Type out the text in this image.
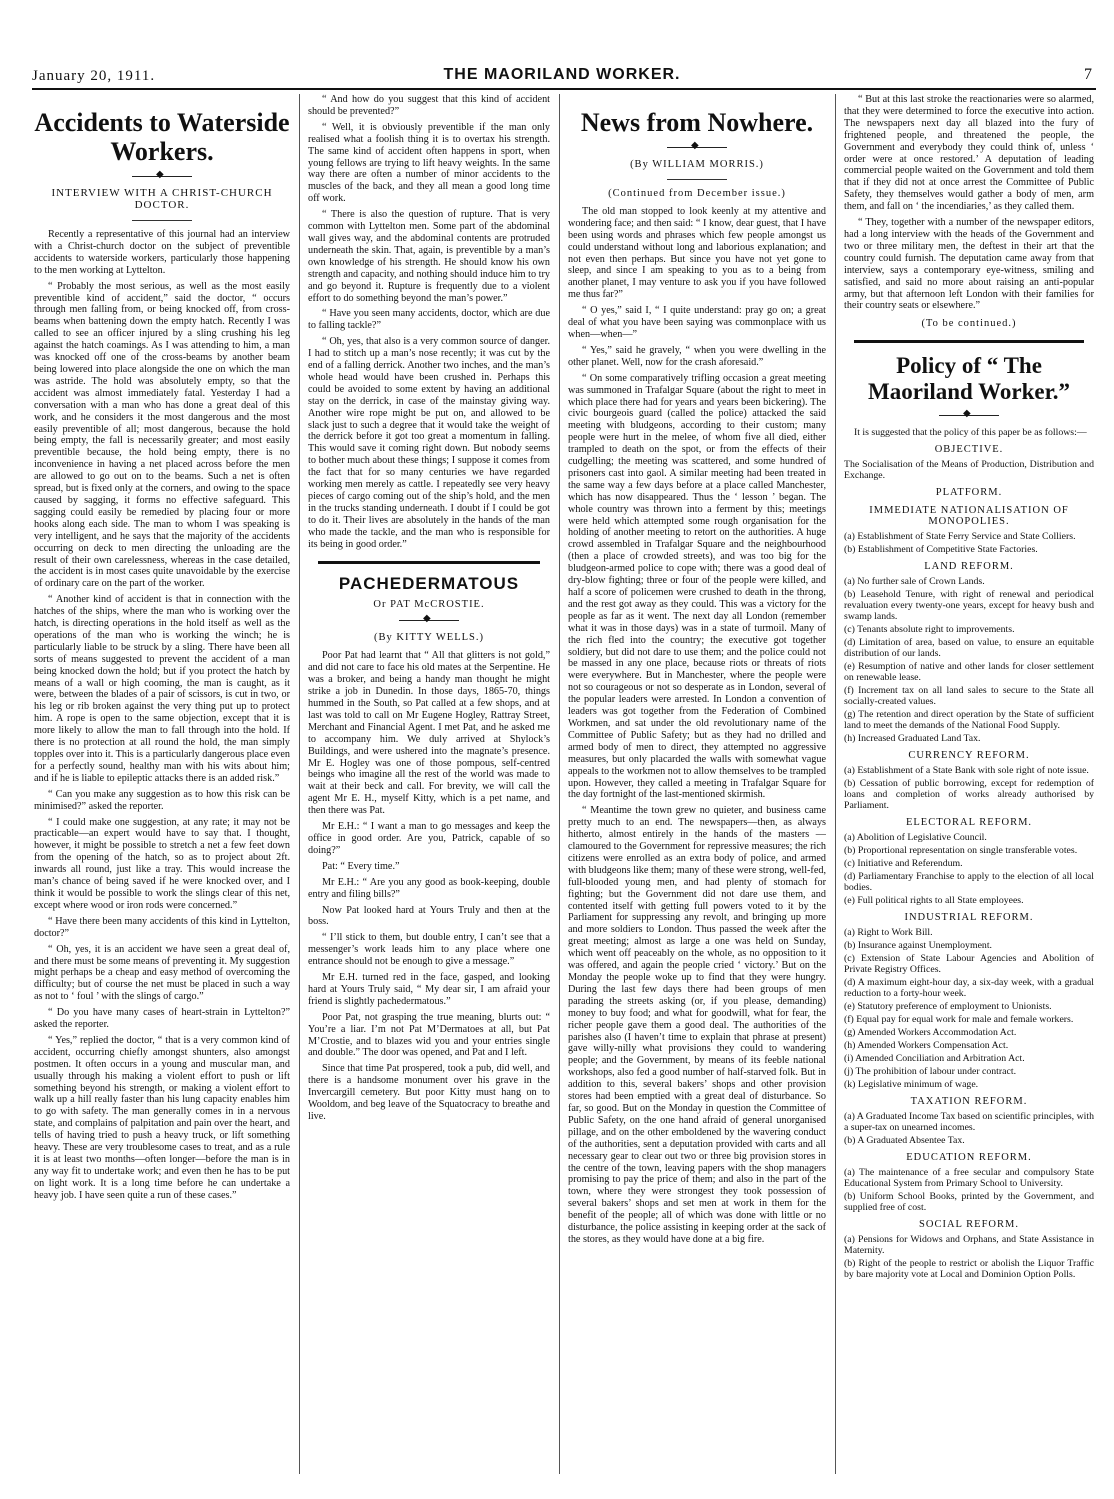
January 20, 1911.	THE MAORILAND WORKER.	7
Accidents to Waterside Workers.
◆
INTERVIEW WITH A CHRIST-CHURCH DOCTOR.

Recently a representative of this journal had an interview with a Christ-church doctor on the subject of preventible accidents to waterside workers, particularly those happening to the men working at Lyttelton.

“ Probably the most serious, as well as the most easily preventible kind of accident,” said the doctor, “ occurs through men falling from, or being knocked off, from cross-beams when battening down the empty hatch. Recently I was called to see an officer injured by a sling crushing his leg against the hatch coamings. As I was attending to him, a man was knocked off one of the cross-beams by another beam being lowered into place alongside the one on which the man was astride. The hold was absolutely empty, so that the accident was almost immediately fatal. Yesterday I had a conversation with a man who has done a great deal of this work, and he considers it the most dangerous and the most easily preventible of all; most dangerous, because the hold being empty, the fall is necessarily greater; and most easily preventible because, the hold being empty, there is no inconvenience in having a net placed across before the men are allowed to go out on to the beams. Such a net is often spread, but is fixed only at the corners, and owing to the space caused by sagging, it forms no effective safeguard. This sagging could easily be remedied by placing four or more hooks along each side. The man to whom I was speaking is very intelligent, and he says that the majority of the accidents occurring on deck to men directing the unloading are the result of their own carelessness, whereas in the case detailed, the accident is in most cases quite unavoidable by the exercise of ordinary care on the part of the worker.

“ Another kind of accident is that in connection with the hatches of the ships, where the man who is working over the hatch, is directing operations in the hold itself as well as the operations of the man who is working the winch; he is particularly liable to be struck by a sling. There have been all sorts of means suggested to prevent the accident of a man being knocked down the hold; but if you protect the hatch by means of a wall or high cooming, the man is caught, as it were, between the blades of a pair of scissors, is cut in two, or his leg or rib broken against the very thing put up to protect him. A rope is open to the same objection, except that it is more likely to allow the man to fall through into the hold. If there is no protection at all round the hold, the man simply topples over into it. This is a particularly dangerous place even for a perfectly sound, healthy man with his wits about him; and if he is liable to epileptic attacks there is an added risk.”

“ Can you make any suggestion as to how this risk can be minimised?” asked the reporter.

“ I could make one suggestion, at any rate; it may not be practicable—an expert would have to say that. I thought, however, it might be possible to stretch a net a few feet down from the opening of the hatch, so as to project about 2ft. inwards all round, just like a tray. This would increase the man’s chance of being saved if he were knocked over, and I think it would be possible to work the slings clear of this net, except where wood or iron rods were concerned.”

“ Have there been many accidents of this kind in Lyttelton, doctor?”

“ Oh, yes, it is an accident we have seen a great deal of, and there must be some means of preventing it. My suggestion might perhaps be a cheap and easy method of overcoming the difficulty; but of course the net must be placed in such a way as not to ‘ foul ’ with the slings of cargo.”

“ Do you have many cases of heart-strain in Lyttelton?” asked the reporter.

“ Yes,” replied the doctor, “ that is a very common kind of accident, occurring chiefly amongst shunters, also amongst postmen. It often occurs in a young and muscular man, and usually through his making a violent effort to push or lift something beyond his strength, or making a violent effort to walk up a hill really faster than his lung capacity enables him to go with safety. The man generally comes in in a nervous state, and complains of palpitation and pain over the heart, and tells of having tried to push a heavy truck, or lift something heavy. These are very troublesome cases to treat, and as a rule it is at least two months—often longer—before the man is in any way fit to undertake work; and even then he has to be put on light work. It is a long time before he can undertake a heavy job. I have seen quite a run of these cases.”

“ And how do you suggest that this kind of accident should be prevented?”

“ Well, it is obviously preventible if the man only realised what a foolish thing it is to overtax his strength. The same kind of accident often happens in sport, when young fellows are trying to lift heavy weights. In the same way there are often a number of minor accidents to the muscles of the back, and they all mean a good long time off work.

“ There is also the question of rupture. That is very common with Lyttelton men. Some part of the abdominal wall gives way, and the abdominal contents are protruded underneath the skin. That, again, is preventible by a man’s own knowledge of his strength. He should know his own strength and capacity, and nothing should induce him to try and go beyond it. Rupture is frequently due to a violent effort to do something beyond the man’s power.”

“ Have you seen many accidents, doctor, which are due to falling tackle?”

“ Oh, yes, that also is a very common source of danger. I had to stitch up a man’s nose recently; it was cut by the end of a falling derrick. Another two inches, and the man’s whole head would have been crushed in. Perhaps this could be avoided to some extent by having an additional stay on the derrick, in case of the mainstay giving way. Another wire rope might be put on, and allowed to be slack just to such a degree that it would take the weight of the derrick before it got too great a momentum in falling. This would save it coming right down. But nobody seems to bother much about these things; I suppose it comes from the fact that for so many centuries we have regarded working men merely as cattle. I repeatedly see very heavy pieces of cargo coming out of the ship’s hold, and the men in the trucks standing underneath. I doubt if I could be got to do it. Their lives are absolutely in the hands of the man who made the tackle, and the man who is responsible for its being in good order.”

PACHEDERMATOUS
Or PAT McCROSTIE.
◆
(By KITTY WELLS.)

Poor Pat had learnt that “ All that glitters is not gold,” and did not care to face his old mates at the Serpentine. He was a broker, and being a handy man thought he might strike a job in Dunedin. In those days, 1865-70, things hummed in the South, so Pat called at a few shops, and at last was told to call on Mr Eugene Hogley, Rattray Street, Merchant and Financial Agent. I met Pat, and he asked me to accompany him. We duly arrived at Shylock’s Buildings, and were ushered into the magnate’s presence. Mr E. Hogley was one of those pompous, self-centred beings who imagine all the rest of the world was made to wait at their beck and call. For brevity, we will call the agent Mr E. H., myself Kitty, which is a pet name, and then there was Pat.

Mr E.H.: “ I want a man to go messages and keep the office in good order. Are you, Patrick, capable of so doing?”

Pat: “ Every time.”

Mr E.H.: “ Are you any good as book-keeping, double entry and filing bills?”

Now Pat looked hard at Yours Truly and then at the boss.

“ I’ll stick to them, but double entry, I can’t see that a messenger’s work leads him to any place where one entrance should not be enough to give a message.”

Mr E.H. turned red in the face, gasped, and looking hard at Yours Truly said, “ My dear sir, I am afraid your friend is slightly pachedermatous.”

Poor Pat, not grasping the true meaning, blurts out: “ You’re a liar. I’m not Pat M’Dermatoes at all, but Pat M’Crostie, and to blazes wid you and your entries single and double.” The door was opened, and Pat and I left.

Since that time Pat prospered, took a pub, did well, and there is a handsome monument over his grave in the Invercargill cemetery. But poor Kitty must hang on to Wooldom, and beg leave of the Squatocracy to breathe and live.

News from Nowhere.
◆
(By WILLIAM MORRIS.)
(Continued from December issue.)

The old man stopped to look keenly at my attentive and wondering face; and then said: “ I know, dear guest, that I have been using words and phrases which few people amongst us could understand without long and laborious explanation; and not even then perhaps. But since you have not yet gone to sleep, and since I am speaking to you as to a being from another planet, I may venture to ask you if you have followed me thus far?”

“ O yes,” said I, “ I quite understand: pray go on; a great deal of what you have been saying was commonplace with us when—when—”

“ Yes,” said he gravely, “ when you were dwelling in the other planet. Well, now for the crash aforesaid.”

“ On some comparatively trifling occasion a great meeting was summoned in Trafalgar Square (about the right to meet in which place there had for years and years been bickering). The civic bourgeois guard (called the police) attacked the said meeting with bludgeons, according to their custom; many people were hurt in the melee, of whom five all died, either trampled to death on the spot, or from the effects of their cudgelling; the meeting was scattered, and some hundred of prisoners cast into gaol. A similar meeting had been treated in the same way a few days before at a place called Manchester, which has now disappeared. Thus the ‘ lesson ’ began. The whole country was thrown into a ferment by this; meetings were held which attempted some rough organisation for the holding of another meeting to retort on the authorities. A huge crowd assembled in Trafalgar Square and the neighbourhood (then a place of crowded streets), and was too big for the bludgeon-armed police to cope with; there was a good deal of dry-blow fighting; three or four of the people were killed, and half a score of policemen were crushed to death in the throng, and the rest got away as they could. This was a victory for the people as far as it went. The next day all London (remember what it was in those days) was in a state of turmoil. Many of the rich fled into the country; the executive got together soldiery, but did not dare to use them; and the police could not be massed in any one place, because riots or threats of riots were everywhere. But in Manchester, where the people were not so courageous or not so desperate as in London, several of the popular leaders were arrested. In London a convention of leaders was got together from the Federation of Combined Workmen, and sat under the old revolutionary name of the Committee of Public Safety; but as they had no drilled and armed body of men to direct, they attempted no aggressive measures, but only placarded the walls with somewhat vague appeals to the workmen not to allow themselves to be trampled upon. However, they called a meeting in Trafalgar Square for the day fortnight of the last-mentioned skirmish.

“ Meantime the town grew no quieter, and business came pretty much to an end. The newspapers—then, as always hitherto, almost entirely in the hands of the masters — clamoured to the Government for repressive measures; the rich citizens were enrolled as an extra body of police, and armed with bludgeons like them; many of these were strong, well-fed, full-blooded young men, and had plenty of stomach for fighting; but the Government did not dare use them, and contented itself with getting full powers voted to it by the Parliament for suppressing any revolt, and bringing up more and more soldiers to London. Thus passed the week after the great meeting; almost as large a one was held on Sunday, which went off peaceably on the whole, as no opposition to it was offered, and again the people cried ‘ victory.’ But on the Monday the people woke up to find that they were hungry. During the last few days there had been groups of men parading the streets asking (or, if you please, demanding) money to buy food; and what for goodwill, what for fear, the richer people gave them a good deal. The authorities of the parishes also (I haven’t time to explain that phrase at present) gave willy-nilly what provisions they could to wandering people; and the Government, by means of its feeble national workshops, also fed a good number of half-starved folk. But in addition to this, several bakers’ shops and other provision stores had been emptied with a great deal of disturbance. So far, so good. But on the Monday in question the Committee of Public Safety, on the one hand afraid of general unorganised pillage, and on the other emboldened by the wavering conduct of the authorities, sent a deputation provided with carts and all necessary gear to clear out two or three big provision stores in the centre of the town, leaving papers with the shop managers promising to pay the price of them; and also in the part of the town, where they were strongest they took possession of several bakers’ shops and set men at work in them for the benefit of the people; all of which was done with little or no disturbance, the police assisting in keeping order at the sack of the stores, as they would have done at a big fire.

“ But at this last stroke the reactionaries were so alarmed, that they were determined to force the executive into action. The newspapers next day all blazed into the fury of frightened people, and threatened the people, the Government and everybody they could think of, unless ‘ order were at once restored.’ A deputation of leading commercial people waited on the Government and told them that if they did not at once arrest the Committee of Public Safety, they themselves would gather a body of men, arm them, and fall on ‘ the incendiaries,’ as they called them.

“ They, together with a number of the newspaper editors, had a long interview with the heads of the Government and two or three military men, the deftest in their art that the country could furnish. The deputation came away from that interview, says a contemporary eye-witness, smiling and satisfied, and said no more about raising an anti-popular army, but that afternoon left London with their families for their country seats or elsewhere.”

(To be continued.)
Policy of “ The Maoriland Worker.”
◆

It is suggested that the policy of this paper be as follows:—

OBJECTIVE.

The Socialisation of the Means of Production, Distribution and Exchange.

PLATFORM.
IMMEDIATE NATIONALISATION OF MONOPOLIES.

(a) Establishment of State Ferry Service and State Colliers.

(b) Establishment of Competitive State Factories.

LAND REFORM.

(a) No further sale of Crown Lands.

(b) Leasehold Tenure, with right of renewal and periodical revaluation every twenty-one years, except for heavy bush and swamp lands.

(c) Tenants absolute right to improvements.

(d) Limitation of area, based on value, to ensure an equitable distribution of our lands.

(e) Resumption of native and other lands for closer settlement on renewable lease.

(f) Increment tax on all land sales to secure to the State all socially-created values.

(g) The retention and direct operation by the State of sufficient land to meet the demands of the National Food Supply.

(h) Increased Graduated Land Tax.

CURRENCY REFORM.

(a) Establishment of a State Bank with sole right of note issue.

(b) Cessation of public borrowing, except for redemption of loans and completion of works already authorised by Parliament.

ELECTORAL REFORM.

(a) Abolition of Legislative Council.

(b) Proportional representation on single transferable votes.

(c) Initiative and Referendum.

(d) Parliamentary Franchise to apply to the election of all local bodies.

(e) Full political rights to all State employees.

INDUSTRIAL REFORM.

(a) Right to Work Bill.

(b) Insurance against Unemployment.

(c) Extension of State Labour Agencies and Abolition of Private Registry Offices.

(d) A maximum eight-hour day, a six-day week, with a gradual reduction to a forty-hour week.

(e) Statutory preference of employment to Unionists.

(f) Equal pay for equal work for male and female workers.

(g) Amended Workers Accommodation Act.

(h) Amended Workers Compensation Act.

(i) Amended Conciliation and Arbitration Act.

(j) The prohibition of labour under contract.

(k) Legislative minimum of wage.

TAXATION REFORM.

(a) A Graduated Income Tax based on scientific principles, with a super-tax on unearned incomes.

(b) A Graduated Absentee Tax.

EDUCATION REFORM.

(a) The maintenance of a free secular and compulsory State Educational System from Primary School to University.

(b) Uniform School Books, printed by the Government, and supplied free of cost.

SOCIAL REFORM.

(a) Pensions for Widows and Orphans, and State Assistance in Maternity.

(b) Right of the people to restrict or abolish the Liquor Traffic by bare majority vote at Local and Dominion Option Polls.
